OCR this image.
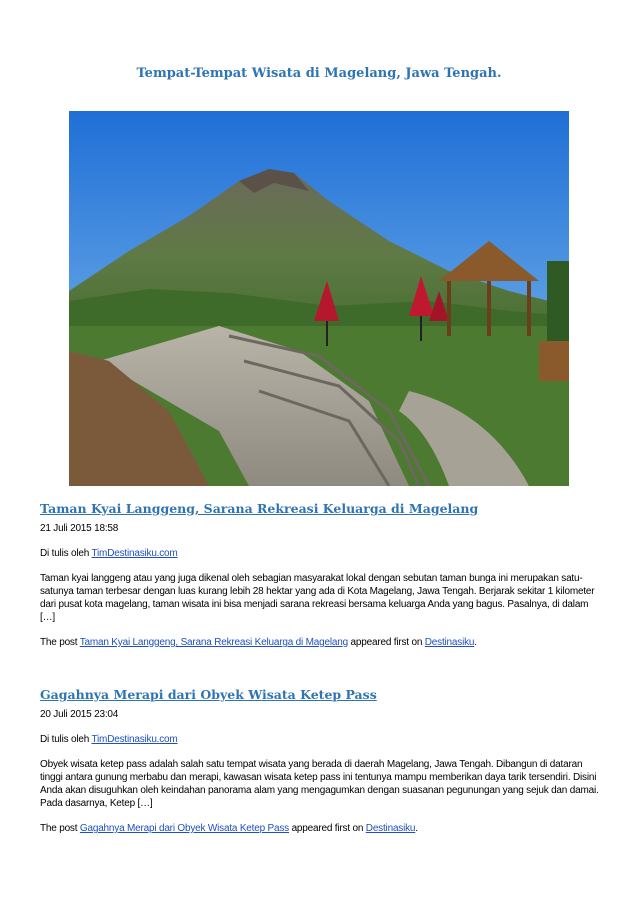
Tempat-Tempat Wisata di Magelang, Jawa Tengah.
Taman Kyai Langgeng, Sarana Rekreasi Keluarga di Magelang
21 Juli 2015 18:58
Di tulis oleh TimDestinasiku.com
Taman kyai langgeng atau yang juga dikenal oleh sebagian masyarakat lokal dengan sebutan taman bunga ini merupakan satu-satunya taman terbesar dengan luas kurang lebih 28 hektar yang ada di Kota Magelang, Jawa Tengah. Berjarak sekitar 1 kilometer dari pusat kota magelang, taman wisata ini bisa menjadi sarana rekreasi bersama keluarga Anda yang bagus. Pasalnya, di dalam […]
The post Taman Kyai Langgeng, Sarana Rekreasi Keluarga di Magelang appeared first on Destinasiku.
Gagahnya Merapi dari Obyek Wisata Ketep Pass
20 Juli 2015 23:04
Di tulis oleh TimDestinasiku.com
Obyek wisata ketep pass adalah salah satu tempat wisata yang berada di daerah Magelang, Jawa Tengah. Dibangun di dataran tinggi antara gunung merbabu dan merapi, kawasan wisata ketep pass ini tentunya mampu memberikan daya tarik tersendiri. Disini Anda akan disuguhkan oleh keindahan panorama alam yang mengagumkan dengan suasanan pegunungan yang sejuk dan damai. Pada dasarnya, Ketep […]
The post Gagahnya Merapi dari Obyek Wisata Ketep Pass appeared first on Destinasiku.
